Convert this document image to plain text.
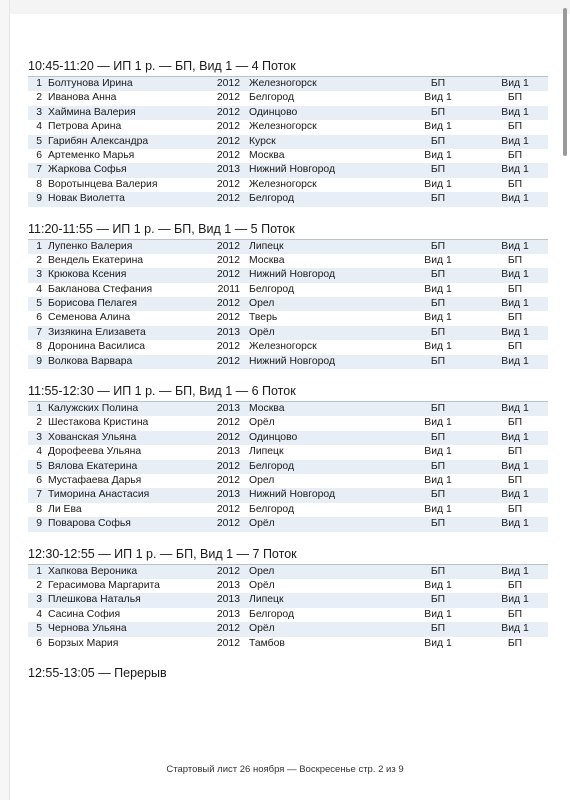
10:45-11:20 — ИП 1 р. — БП, Вид 1 — 4 Поток
1 Болтунова Ирина	2012 Железногорск	БП	Вид 1
2 Иванова Анна	2012 Белгород	Вид 1	БП
3 Хаймина Валерия	2012 Одинцово	БП	Вид 1
4 Петрова Арина	2012 Железногорск	Вид 1	БП
5 Гарибян Александра	2012 Курск	БП	Вид 1
6 Артеменко Марья	2012 Москва	Вид 1	БП
7 Жаркова Софья	2013 Нижний Новгород	БП	Вид 1
8 Воротынцева Валерия	2012 Железногорск	Вид 1	БП
9 Новак Виолетта	2012 Белгород	БП	Вид 1
11:20-11:55 — ИП 1 р. — БП, Вид 1 — 5 Поток
1 Лупенко Валерия	2012 Липецк	БП	Вид 1
2 Вендель Екатерина	2012 Москва	Вид 1	БП
3 Крюкова Ксения	2012 Нижний Новгород	БП	Вид 1
4 Бакланова Стефания	2011 Белгород	Вид 1	БП
5 Борисова Пелагея	2012 Орел	БП	Вид 1
6 Семенова Алина	2012 Тверь	Вид 1	БП
7 Зизякина Елизавета	2013 Орёл	БП	Вид 1
8 Доронина Василиса	2012 Железногорск	Вид 1	БП
9 Волкова Варвара	2012 Нижний Новгород	БП	Вид 1
11:55-12:30 — ИП 1 р. — БП, Вид 1 — 6 Поток
1 Калужских Полина	2013 Москва	БП	Вид 1
2 Шестакова Кристина	2012 Орёл	Вид 1	БП
3 Хованская Ульяна	2012 Одинцово	БП	Вид 1
4 Дорофеева Ульяна	2013 Липецк	Вид 1	БП
5 Вялова Екатерина	2012 Белгород	БП	Вид 1
6 Мустафаева Дарья	2012 Орел	Вид 1	БП
7 Тиморина Анастасия	2013 Нижний Новгород	БП	Вид 1
8 Ли Ева	2012 Белгород	Вид 1	БП
9 Поварова Софья	2012 Орёл	БП	Вид 1
12:30-12:55 — ИП 1 р. — БП, Вид 1 — 7 Поток
1 Хапкова Вероника	2012 Орел	БП	Вид 1
2 Герасимова Маргарита	2013 Орёл	Вид 1	БП
3 Плешкова Наталья	2013 Липецк	БП	Вид 1
4 Сасина София	2013 Белгород	Вид 1	БП
5 Чернова Ульяна	2012 Орёл	БП	Вид 1
6 Борзых Мария	2012 Тамбов	Вид 1	БП
12:55-13:05 — Перерыв
Стартовый лист 26 ноября — Воскресенье стр. 2 из 9
